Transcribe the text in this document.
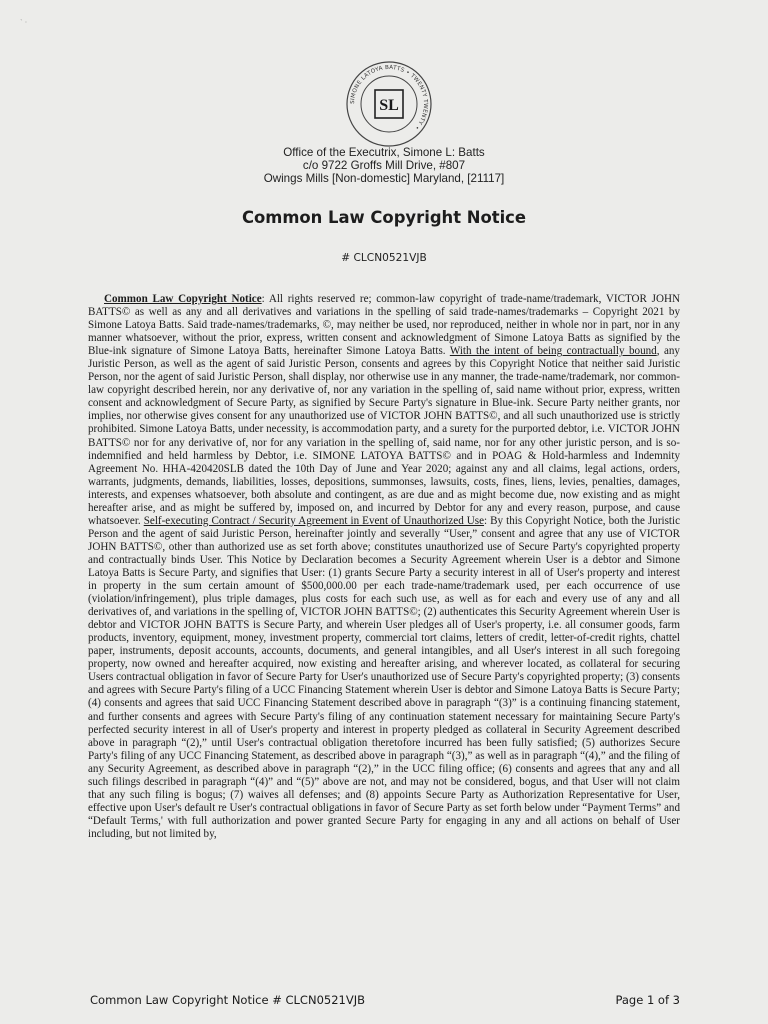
` ·
SIMONE LATOYA BATTS • TWENTY TWENTY •
SL
Office of the Executrix, Simone L: Batts
c/o 9722 Groffs Mill Drive, #807
Owings Mills [Non-domestic] Maryland, [21117]
Common Law Copyright Notice
# CLCN0521VJB

Common Law Copyright Notice: All rights reserved re; common-law copyright of trade-name/trademark, VICTOR JOHN BATTS© as well as any and all derivatives and variations in the spelling of said trade-names/trademarks – Copyright 2021 by Simone Latoya Batts. Said trade-names/trademarks, ©, may neither be used, nor reproduced, neither in whole nor in part, nor in any manner whatsoever, without the prior, express, written consent and acknowledgment of Simone Latoya Batts as signified by the Blue-ink signature of Simone Latoya Batts, hereinafter Simone Latoya Batts. With the intent of being contractually bound, any Juristic Person, as well as the agent of said Juristic Person, consents and agrees by this Copyright Notice that neither said Juristic Person, nor the agent of said Juristic Person, shall display, nor otherwise use in any manner, the trade-name/trademark, nor common-law copyright described herein, nor any derivative of, nor any variation in the spelling of, said name without prior, express, written consent and acknowledgment of Secure Party, as signified by Secure Party's signature in Blue-ink. Secure Party neither grants, nor implies, nor otherwise gives consent for any unauthorized use of VICTOR JOHN BATTS©, and all such unauthorized use is strictly prohibited. Simone Latoya Batts, under necessity, is accommodation party, and a surety for the purported debtor, i.e. VICTOR JOHN BATTS© nor for any derivative of, nor for any variation in the spelling of, said name, nor for any other juristic person, and is so-indemnified and held harmless by Debtor, i.e. SIMONE LATOYA BATTS© and in POAG & Hold-harmless and Indemnity Agreement No. HHA-420420SLB dated the 10th Day of June and Year 2020; against any and all claims, legal actions, orders, warrants, judgments, demands, liabilities, losses, depositions, summonses, lawsuits, costs, fines, liens, levies, penalties, damages, interests, and expenses whatsoever, both absolute and contingent, as are due and as might become due, now existing and as might hereafter arise, and as might be suffered by, imposed on, and incurred by Debtor for any and every reason, purpose, and cause whatsoever. Self-executing Contract / Security Agreement in Event of Unauthorized Use: By this Copyright Notice, both the Juristic Person and the agent of said Juristic Person, hereinafter jointly and severally “User,” consent and agree that any use of VICTOR JOHN BATTS©, other than authorized use as set forth above; constitutes unauthorized use of Secure Party's copyrighted property and contractually binds User. This Notice by Declaration becomes a Security Agreement wherein User is a debtor and Simone Latoya Batts is Secure Party, and signifies that User: (1) grants Secure Party a security interest in all of User's property and interest in property in the sum certain amount of $500,000.00 per each trade-name/trademark used, per each occurrence of use (violation/infringement), plus triple damages, plus costs for each such use, as well as for each and every use of any and all derivatives of, and variations in the spelling of, VICTOR JOHN BATTS©; (2) authenticates this Security Agreement wherein User is debtor and VICTOR JOHN BATTS is Secure Party, and wherein User pledges all of User's property, i.e. all consumer goods, farm products, inventory, equipment, money, investment property, commercial tort claims, letters of credit, letter-of-credit rights, chattel paper, instruments, deposit accounts, accounts, documents, and general intangibles, and all User's interest in all such foregoing property, now owned and hereafter acquired, now existing and hereafter arising, and wherever located, as collateral for securing Users contractual obligation in favor of Secure Party for User's unauthorized use of Secure Party's copyrighted property; (3) consents and agrees with Secure Party's filing of a UCC Financing Statement wherein User is debtor and Simone Latoya Batts is Secure Party; (4) consents and agrees that said UCC Financing Statement described above in paragraph “(3)” is a continuing financing statement, and further consents and agrees with Secure Party's filing of any continuation statement necessary for maintaining Secure Party's perfected security interest in all of User's property and interest in property pledged as collateral in Security Agreement described above in paragraph “(2),” until User's contractual obligation theretofore incurred has been fully satisfied; (5) authorizes Secure Party's filing of any UCC Financing Statement, as described above in paragraph “(3),” as well as in paragraph “(4),” and the filing of any Security Agreement, as described above in paragraph “(2),” in the UCC filing office; (6) consents and agrees that any and all such filings described in paragraph “(4)” and “(5)” above are not, and may not be considered, bogus, and that User will not claim that any such filing is bogus; (7) waives all defenses; and (8) appoints Secure Party as Authorization Representative for User, effective upon User's default re User's contractual obligations in favor of Secure Party as set forth below under “Payment Terms” and “Default Terms,' with full authorization and power granted Secure Party for engaging in any and all actions on behalf of User including, but not limited by,

Common Law Copyright Notice # CLCN0521VJB	Page 1 of 3
